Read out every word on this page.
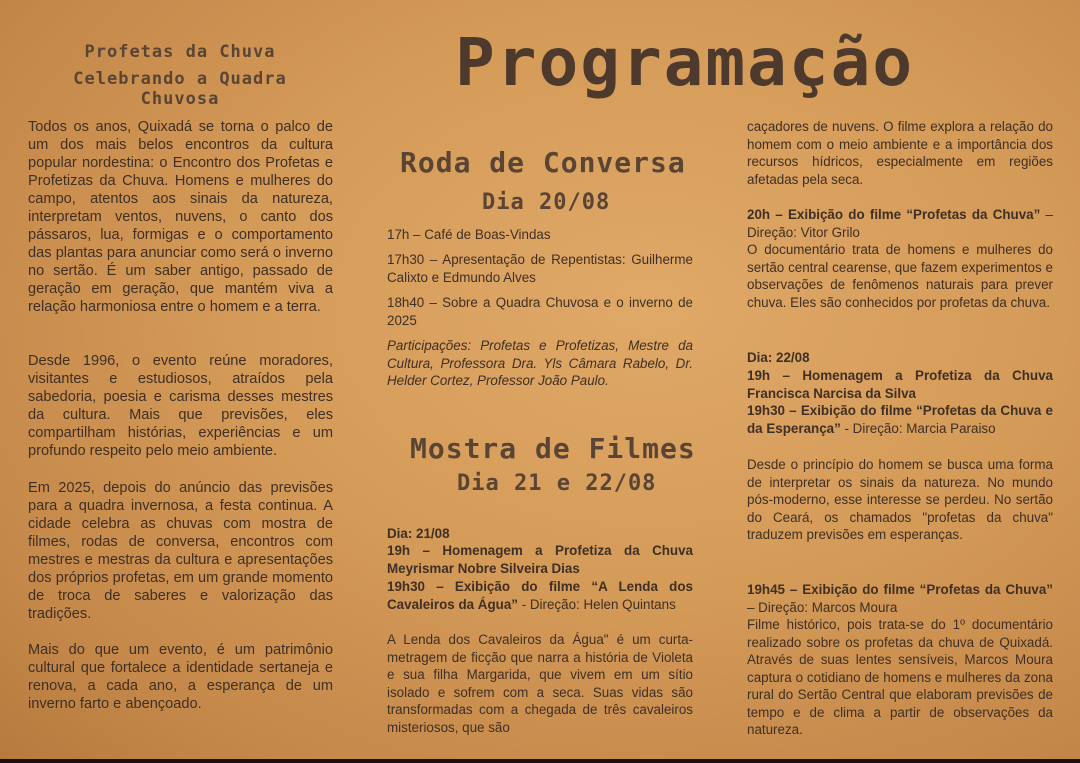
Profetas da Chuva
Celebrando a Quadra Chuvosa	Programação

Todos os anos, Quixadá se torna o palco de um dos mais belos encontros da cultura popular nordestina: o Encontro dos Profetas e Profetizas da Chuva. Homens e mulheres do campo, atentos aos sinais da natureza, interpretam ventos, nuvens, o canto dos pássaros, lua, formigas e o comportamento das plantas para anunciar como será o inverno no sertão. É um saber antigo, passado de geração em geração, que mantém viva a relação harmoniosa entre o homem e a terra.

Desde 1996, o evento reúne moradores, visitantes e estudiosos, atraídos pela sabedoria, poesia e carisma desses mestres da cultura. Mais que previsões, eles compartilham histórias, experiências e um profundo respeito pelo meio ambiente.

Em 2025, depois do anúncio das previsões para a quadra invernosa, a festa continua. A cidade celebra as chuvas com mostra de filmes, rodas de conversa, encontros com mestres e mestras da cultura e apresentações dos próprios profetas, em um grande momento de troca de saberes e valorização das tradições.

Mais do que um evento, é um patrimônio cultural que fortalece a identidade sertaneja e renova, a cada ano, a esperança de um inverno farto e abençoado.

Roda de Conversa
Dia 20/08

17h – Café de Boas-Vindas

17h30 – Apresentação de Repentistas: Guilherme Calixto e Edmundo Alves

18h40 – Sobre a Quadra Chuvosa e o inverno de 2025

Participações: Profetas e Profetizas, Mestre da Cultura, Professora Dra. Yls Câmara Rabelo, Dr. Helder Cortez, Professor João Paulo.

Dia: 21/08

19h – Homenagem a Profetiza da Chuva Meyrismar Nobre Silveira Dias

19h30 – Exibição do filme “A Lenda dos Cavaleiros da Água” - Direção: Helen Quintans

A Lenda dos Cavaleiros da Água" é um curta-metragem de ficção que narra a história de Violeta e sua filha Margarida, que vivem em um sítio isolado e sofrem com a seca. Suas vidas são transformadas com a chegada de três cavaleiros misteriosos, que são

Mostra de Filmes
Dia 21 e 22/08

caçadores de nuvens. O filme explora a relação do homem com o meio ambiente e a importância dos recursos hídricos, especialmente em regiões afetadas pela seca.

20h – Exibição do filme “Profetas da Chuva” – Direção: Vitor Grilo

O documentário trata de homens e mulheres do sertão central cearense, que fazem experimentos e observações de fenômenos naturais para prever chuva. Eles são conhecidos por profetas da chuva.

Dia: 22/08

19h – Homenagem a Profetiza da Chuva Francisca Narcisa da Silva

19h30 – Exibição do filme “Profetas da Chuva e da Esperança” - Direção: Marcia Paraiso

Desde o princípio do homem se busca uma forma de interpretar os sinais da natureza. No mundo pós-moderno, esse interesse se perdeu. No sertão do Ceará, os chamados "profetas da chuva" traduzem previsões em esperanças.

19h45 – Exibição do filme “Profetas da Chuva” – Direção: Marcos Moura

Filme histórico, pois trata-se do 1º documentário realizado sobre os profetas da chuva de Quixadá. Através de suas lentes sensíveis, Marcos Moura captura o cotidiano de homens e mulheres da zona rural do Sertão Central que elaboram previsões de tempo e de clima a partir de observações da natureza.
